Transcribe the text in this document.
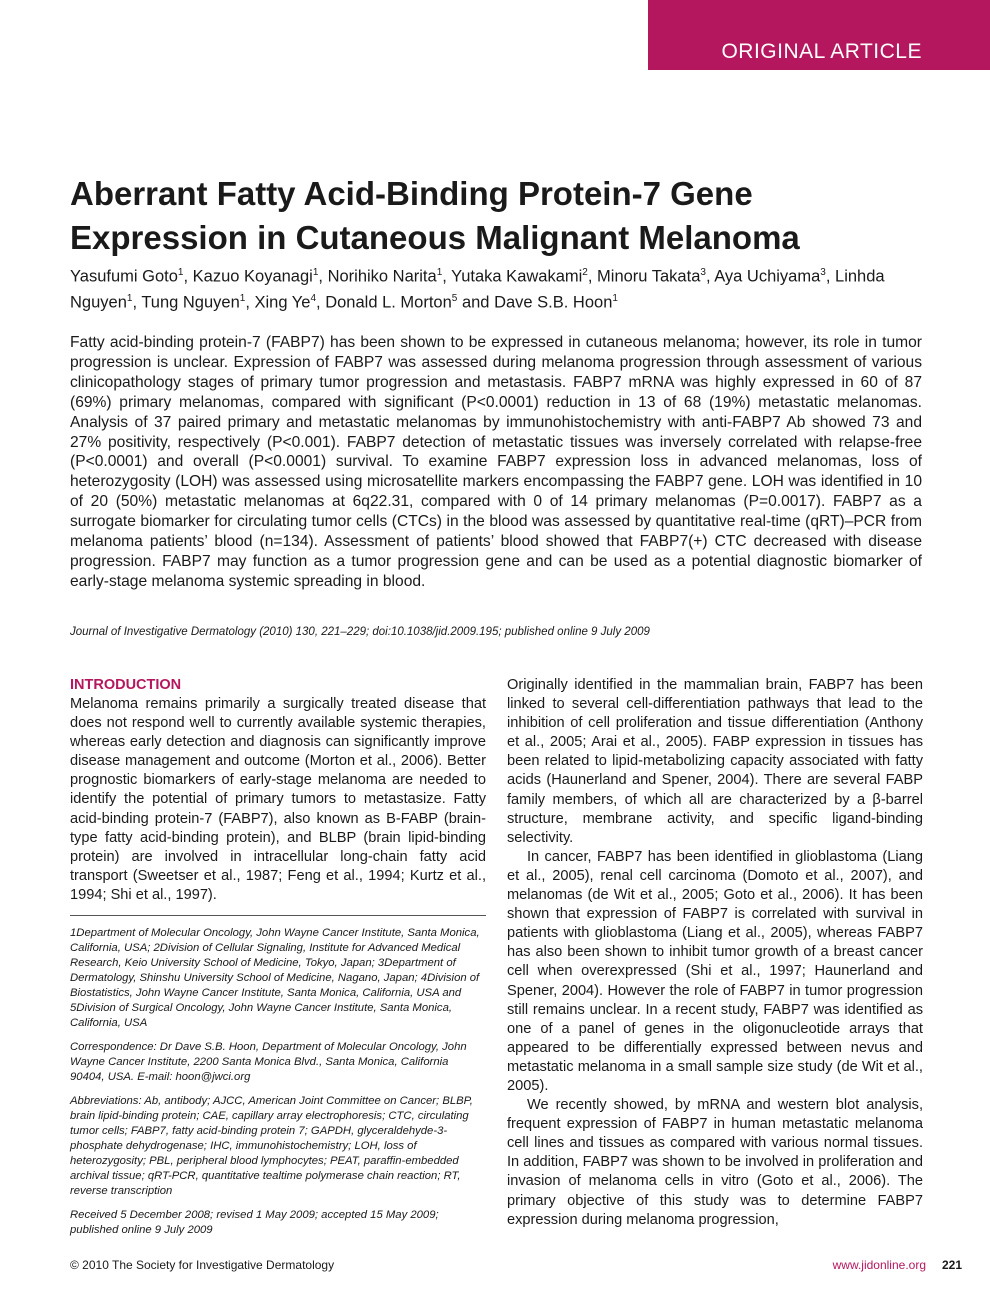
ORIGINAL ARTICLE
Aberrant Fatty Acid-Binding Protein-7 Gene Expression in Cutaneous Malignant Melanoma
Yasufumi Goto$^1$, Kazuo Koyanagi$^1$, Norihiko Narita$^1$, Yutaka Kawakami$^2$, Minoru Takata$^3$, Aya Uchiyama$^3$, Linhda Nguyen$^1$, Tung Nguyen$^1$, Xing Ye$^4$, Donald L. Morton$^5$ and Dave S.B. Hoon$^1$

Fatty acid-binding protein-7 (FABP7) has been shown to be expressed in cutaneous melanoma; however, its role in tumor progression is unclear. Expression of FABP7 was assessed during melanoma progression through assessment of various clinicopathology stages of primary tumor progression and metastasis. FABP7 mRNA was highly expressed in 60 of 87 (69%) primary melanomas, compared with significant (P<0.0001) reduction in 13 of 68 (19%) metastatic melanomas. Analysis of 37 paired primary and metastatic melanomas by immunohistochemistry with anti-FABP7 Ab showed 73 and 27% positivity, respectively (P<0.001). FABP7 detection of metastatic tissues was inversely correlated with relapse-free (P<0.0001) and overall (P<0.0001) survival. To examine FABP7 expression loss in advanced melanomas, loss of heterozygosity (LOH) was assessed using microsatellite markers encompassing the FABP7 gene. LOH was identified in 10 of 20 (50%) metastatic melanomas at 6q22.31, compared with 0 of 14 primary melanomas (P=0.0017). FABP7 as a surrogate biomarker for circulating tumor cells (CTCs) in the blood was assessed by quantitative real-time (qRT)–PCR from melanoma patients’ blood (n=134). Assessment of patients’ blood showed that FABP7(+) CTC decreased with disease progression. FABP7 may function as a tumor progression gene and can be used as a potential diagnostic biomarker of early-stage melanoma systemic spreading in blood.

Journal of Investigative Dermatology (2010) 130, 221–229; doi:10.1038/jid.2009.195; published online 9 July 2009
INTRODUCTION

Melanoma remains primarily a surgically treated disease that does not respond well to currently available systemic therapies, whereas early detection and diagnosis can significantly improve disease management and outcome (Morton et al., 2006). Better prognostic biomarkers of early-stage melanoma are needed to identify the potential of primary tumors to metastasize. Fatty acid-binding protein-7 (FABP7), also known as B-FABP (brain-type fatty acid-binding protein), and BLBP (brain lipid-binding protein) are involved in intracellular long-chain fatty acid transport (Sweetser et al., 1987; Feng et al., 1994; Kurtz et al., 1994; Shi et al., 1997).

1Department of Molecular Oncology, John Wayne Cancer Institute, Santa Monica, California, USA; 2Division of Cellular Signaling, Institute for Advanced Medical Research, Keio University School of Medicine, Tokyo, Japan; 3Department of Dermatology, Shinshu University School of Medicine, Nagano, Japan; 4Division of Biostatistics, John Wayne Cancer Institute, Santa Monica, California, USA and 5Division of Surgical Oncology, John Wayne Cancer Institute, Santa Monica, California, USA

Correspondence: Dr Dave S.B. Hoon, Department of Molecular Oncology, John Wayne Cancer Institute, 2200 Santa Monica Blvd., Santa Monica, California 90404, USA. E-mail: hoon@jwci.org

Abbreviations: Ab, antibody; AJCC, American Joint Committee on Cancer; BLBP, brain lipid-binding protein; CAE, capillary array electrophoresis; CTC, circulating tumor cells; FABP7, fatty acid-binding protein 7; GAPDH, glyceraldehyde-3-phosphate dehydrogenase; IHC, immunohistochemistry; LOH, loss of heterozygosity; PBL, peripheral blood lymphocytes; PEAT, paraffin-embedded archival tissue; qRT-PCR, quantitative tealtime polymerase chain reaction; RT, reverse transcription

Received 5 December 2008; revised 1 May 2009; accepted 15 May 2009; published online 9 July 2009

Originally identified in the mammalian brain, FABP7 has been linked to several cell-differentiation pathways that lead to the inhibition of cell proliferation and tissue differentiation (Anthony et al., 2005; Arai et al., 2005). FABP expression in tissues has been related to lipid-metabolizing capacity associated with fatty acids (Haunerland and Spener, 2004). There are several FABP family members, of which all are characterized by a β-barrel structure, membrane activity, and specific ligand-binding selectivity.

In cancer, FABP7 has been identified in glioblastoma (Liang et al., 2005), renal cell carcinoma (Domoto et al., 2007), and melanomas (de Wit et al., 2005; Goto et al., 2006). It has been shown that expression of FABP7 is correlated with survival in patients with glioblastoma (Liang et al., 2005), whereas FABP7 has also been shown to inhibit tumor growth of a breast cancer cell when overexpressed (Shi et al., 1997; Haunerland and Spener, 2004). However the role of FABP7 in tumor progression still remains unclear. In a recent study, FABP7 was identified as one of a panel of genes in the oligonucleotide arrays that appeared to be differentially expressed between nevus and metastatic melanoma in a small sample size study (de Wit et al., 2005).

We recently showed, by mRNA and western blot analysis, frequent expression of FABP7 in human metastatic melanoma cell lines and tissues as compared with various normal tissues. In addition, FABP7 was shown to be involved in proliferation and invasion of melanoma cells in vitro (Goto et al., 2006). The primary objective of this study was to determine FABP7 expression during melanoma progression,

© 2010 The Society for Investigative Dermatology	www.jidonline.org 221
